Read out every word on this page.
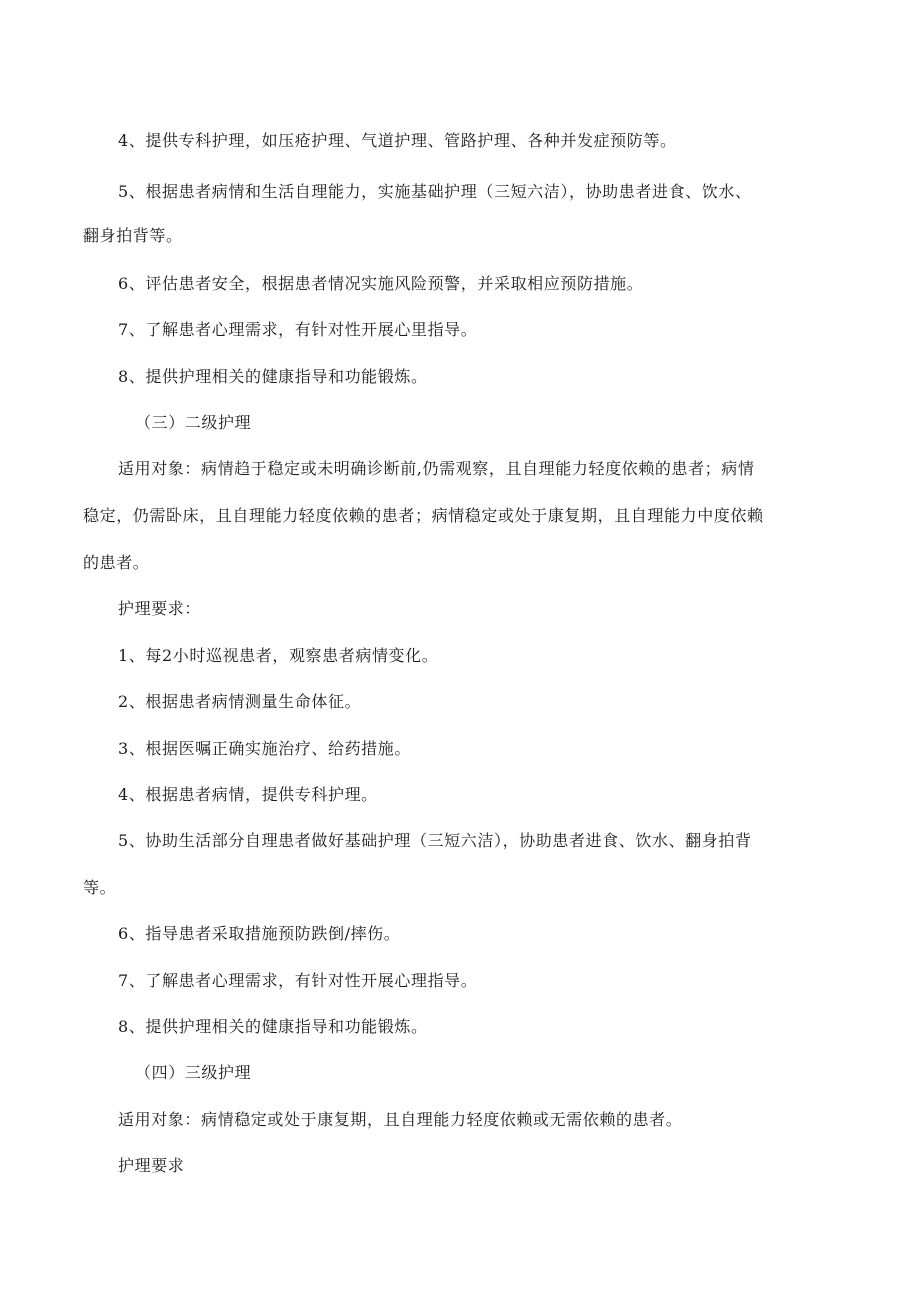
4、提供专科护理，如压疮护理、气道护理、管路护理、各种并发症预防等。
5、根据患者病情和生活自理能力，实施基础护理（三短六洁），协助患者进食、饮水、
翻身拍背等。
6、评估患者安全，根据患者情况实施风险预警，并采取相应预防措施。
7、了解患者心理需求，有针对性开展心里指导。
8、提供护理相关的健康指导和功能锻炼。
（三）二级护理
适用对象：病情趋于稳定或未明确诊断前,仍需观察，且自理能力轻度依赖的患者；病情
稳定，仍需卧床，且自理能力轻度依赖的患者；病情稳定或处于康复期，且自理能力中度依赖
的患者。
护理要求：
1、每2小时巡视患者，观察患者病情变化。
2、根据患者病情测量生命体征。
3、根据医嘱正确实施治疗、给药措施。
4、根据患者病情，提供专科护理。
5、协助生活部分自理患者做好基础护理（三短六洁），协助患者进食、饮水、翻身拍背
等。
6、指导患者采取措施预防跌倒/摔伤。
7、了解患者心理需求，有针对性开展心理指导。
8、提供护理相关的健康指导和功能锻炼。
（四）三级护理
适用对象：病情稳定或处于康复期，且自理能力轻度依赖或无需依赖的患者。
护理要求
